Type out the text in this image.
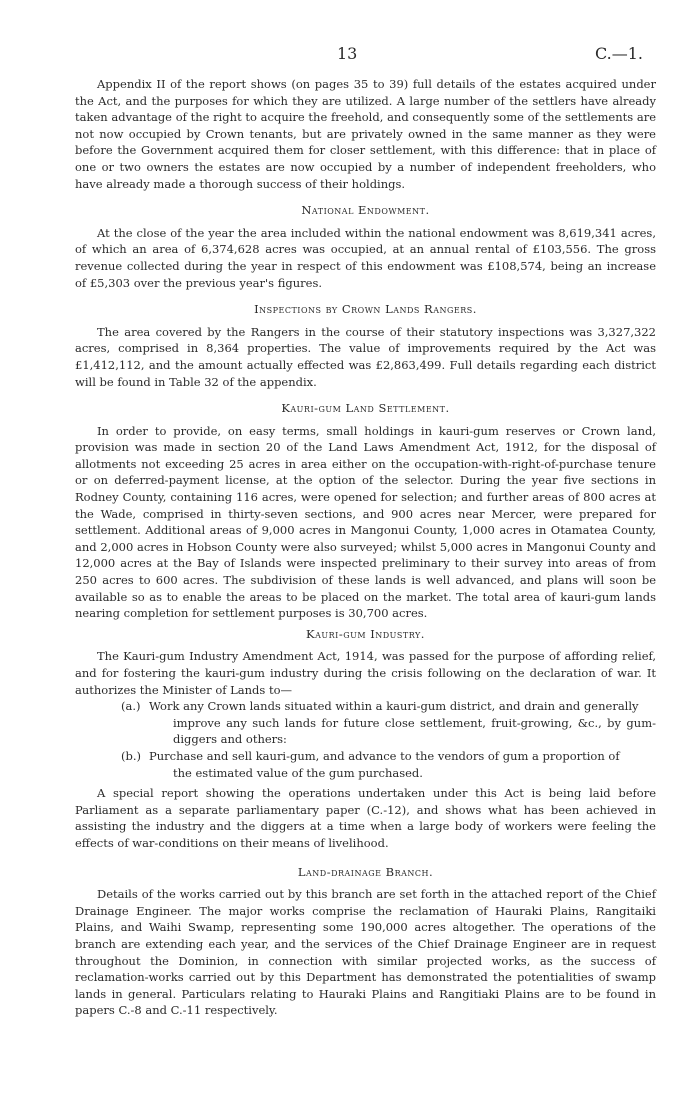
13	C.—1.

Appendix II of the report shows (on pages 35 to 39) full details of the estates acquired under the Act, and the purposes for which they are utilized. A large number of the settlers have already taken advantage of the right to acquire the freehold, and consequently some of the settlements are not now occupied by Crown tenants, but are privately owned in the same manner as they were before the Government acquired them for closer settlement, with this difference: that in place of one or two owners the estates are now occupied by a number of independent freeholders, who have already made a thorough success of their holdings.

National Endowment.

At the close of the year the area included within the national endowment was 8,619,341 acres, of which an area of 6,374,628 acres was occupied, at an annual rental of £103,556. The gross revenue collected during the year in respect of this endowment was £108,574, being an increase of £5,303 over the previous year's figures.

Inspections by Crown Lands Rangers.

The area covered by the Rangers in the course of their statutory inspections was 3,327,322 acres, comprised in 8,364 properties. The value of improvements required by the Act was £1,412,112, and the amount actually effected was £2,863,499. Full details regarding each district will be found in Table 32 of the appendix.

Kauri-gum Land Settlement.

In order to provide, on easy terms, small holdings in kauri-gum reserves or Crown land, provision was made in section 20 of the Land Laws Amendment Act, 1912, for the disposal of allotments not exceeding 25 acres in area either on the occupation-with-right-of-purchase tenure or on deferred-payment license, at the option of the selector. During the year five sections in Rodney County, containing 116 acres, were opened for selection; and further areas of 800 acres at the Wade, comprised in thirty-seven sections, and 900 acres near Mercer, were prepared for settlement. Additional areas of 9,000 acres in Mangonui County, 1,000 acres in Otamatea County, and 2,000 acres in Hobson County were also surveyed; whilst 5,000 acres in Mangonui County and 12,000 acres at the Bay of Islands were inspected preliminary to their survey into areas of from 250 acres to 600 acres. The subdivision of these lands is well advanced, and plans will soon be available so as to enable the areas to be placed on the market. The total area of kauri-gum lands nearing completion for settlement purposes is 30,700 acres.

Kauri-gum Industry.

The Kauri-gum Industry Amendment Act, 1914, was passed for the purpose of affording relief, and for fostering the kauri-gum industry during the crisis following on the declaration of war. It authorizes the Minister of Lands to—

(a.) Work any Crown lands situated within a kauri-gum district, and drain and generally
improve any such lands for future close settlement, fruit-growing, &c., by gum-diggers and others:
(b.) Purchase and sell kauri-gum, and advance to the vendors of gum a proportion of
the estimated value of the gum purchased.

A special report showing the operations undertaken under this Act is being laid before Parliament as a separate parliamentary paper (C.-12), and shows what has been achieved in assisting the industry and the diggers at a time when a large body of workers were feeling the effects of war-conditions on their means of livelihood.

Land-drainage Branch.

Details of the works carried out by this branch are set forth in the attached report of the Chief Drainage Engineer. The major works comprise the reclamation of Hauraki Plains, Rangitaiki Plains, and Waihi Swamp, representing some 190,000 acres altogether. The operations of the branch are extending each year, and the services of the Chief Drainage Engineer are in request throughout the Dominion, in connection with similar projected works, as the success of reclamation-works carried out by this Department has demonstrated the potentialities of swamp lands in general. Particulars relating to Hauraki Plains and Rangitiaki Plains are to be found in papers C.-8 and C.-11 respectively.
